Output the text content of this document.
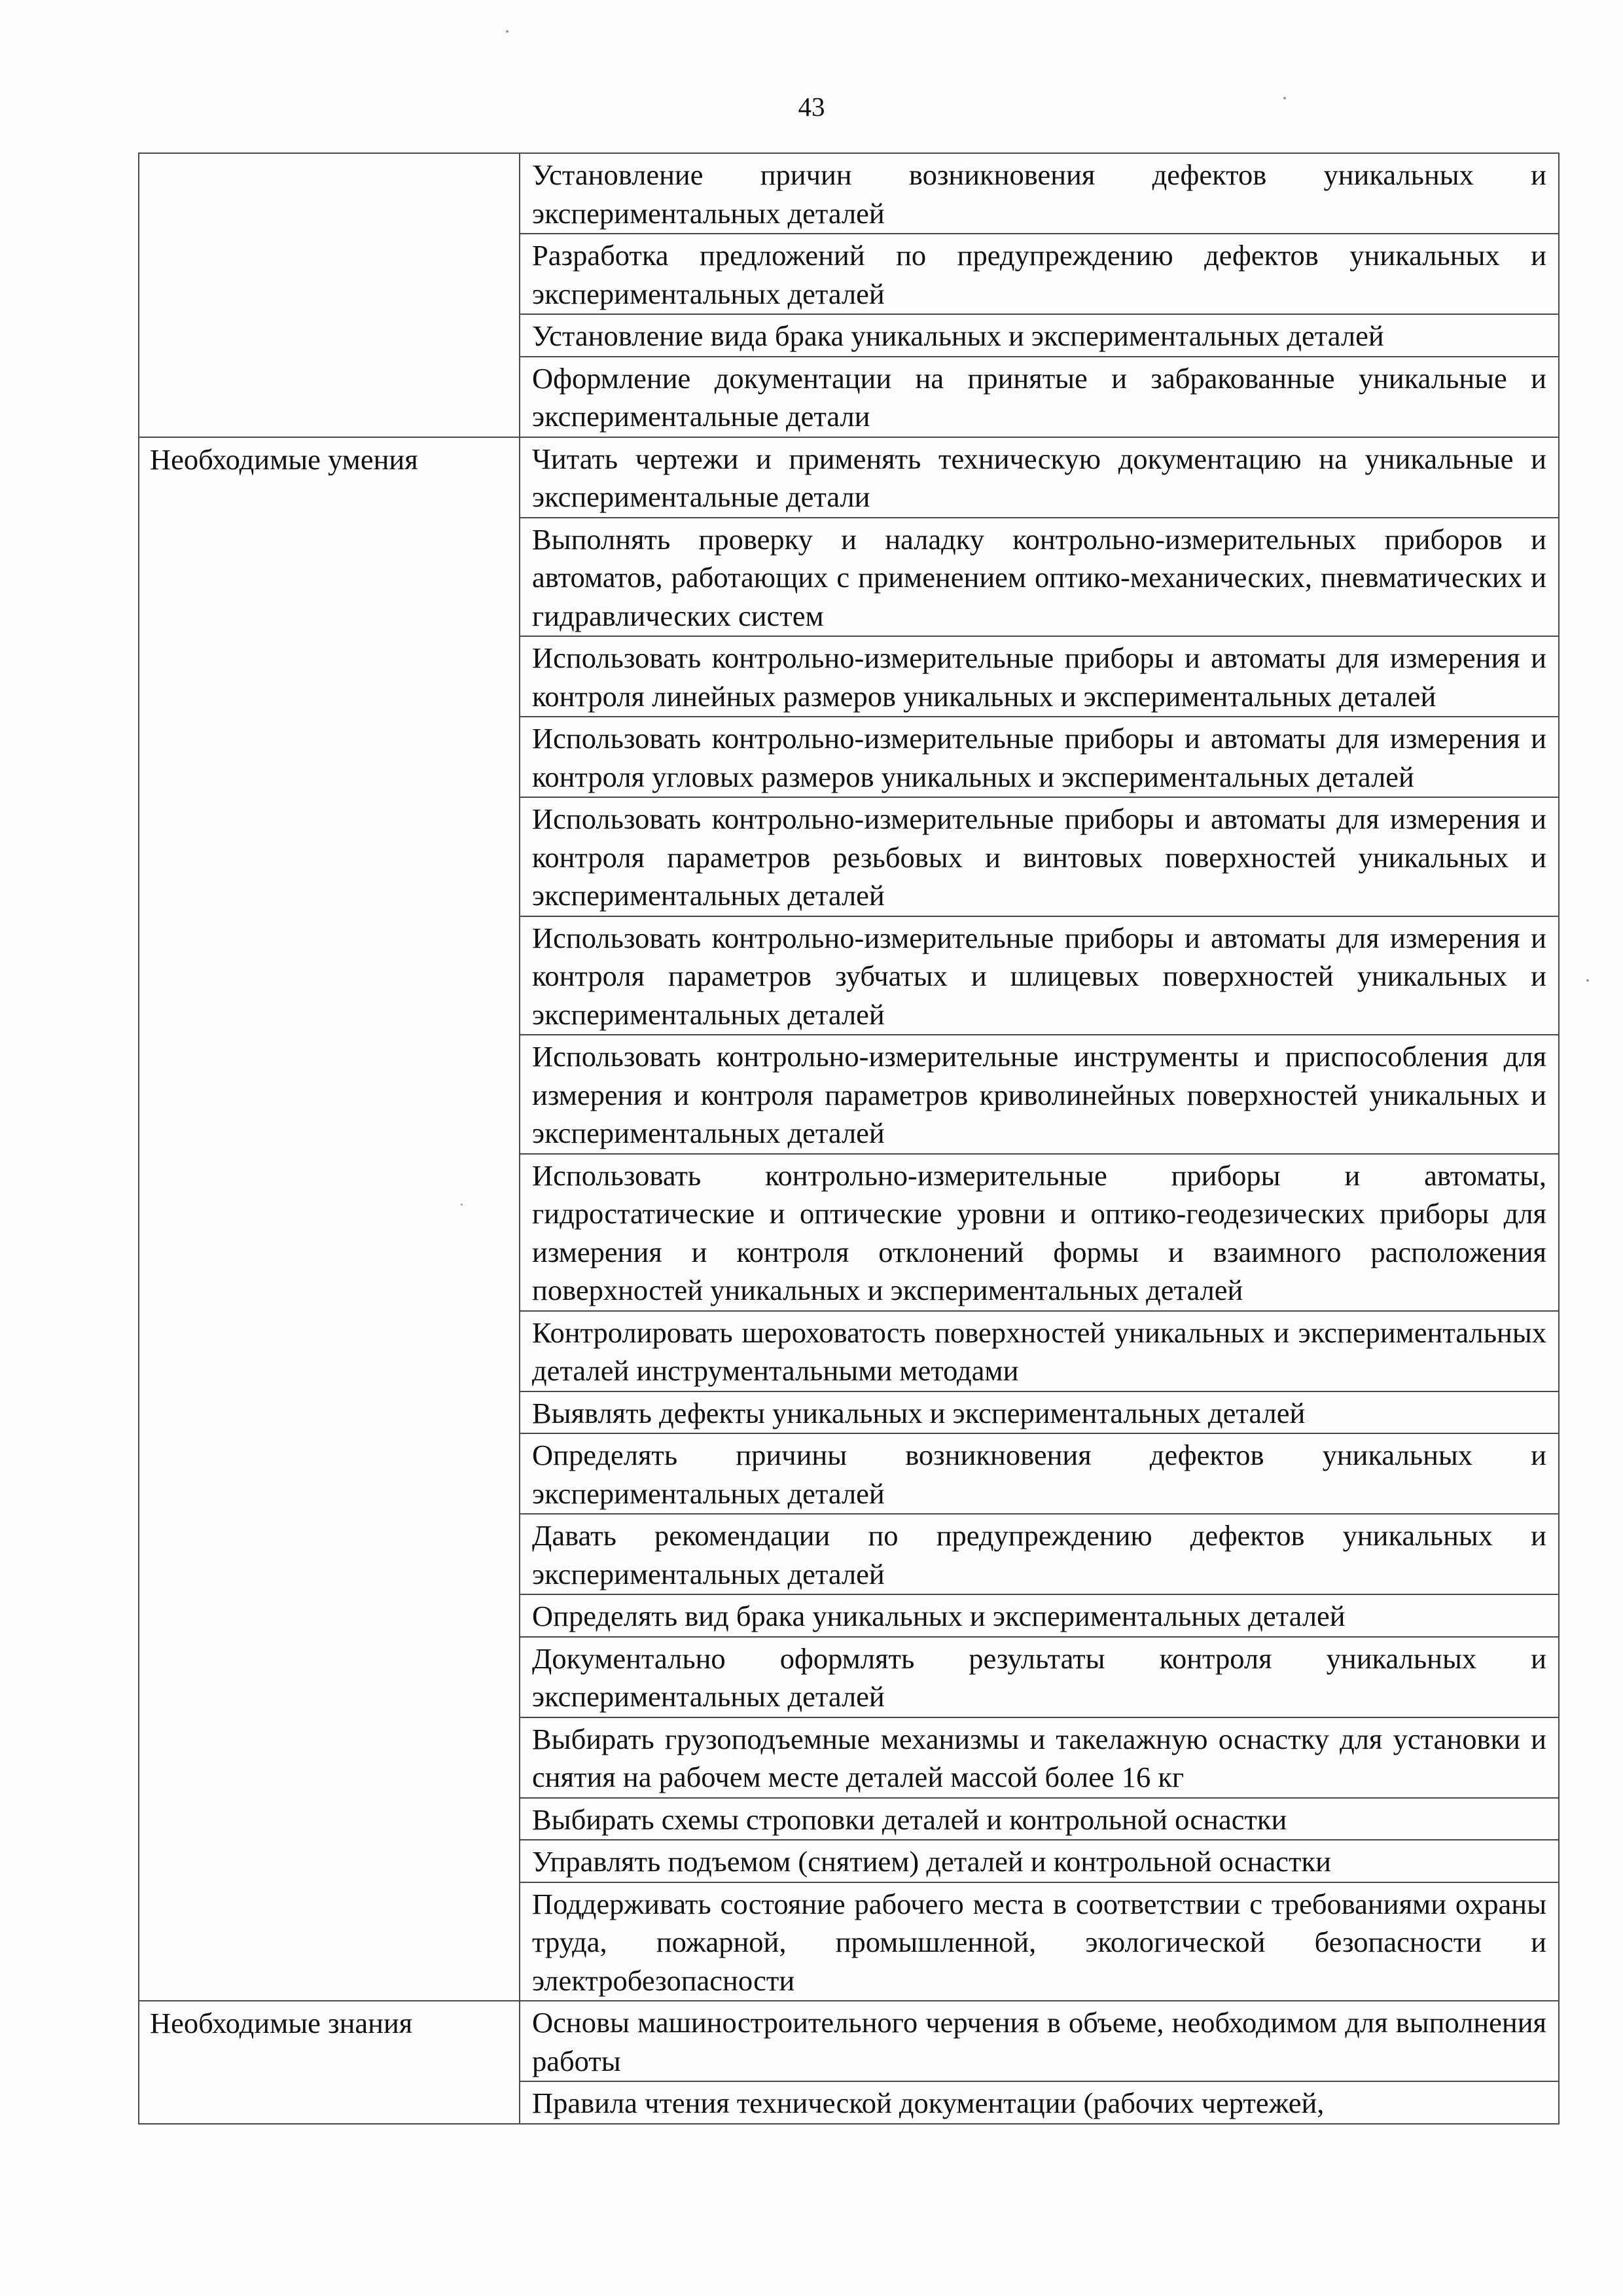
43
	Установление причин возникновения дефектов уникальных и экспериментальных деталей
	Разработка предложений по предупреждению дефектов уникальных и экспериментальных деталей
	Установление вида брака уникальных и экспериментальных деталей
	Оформление документации на принятые и забракованные уникальные и экспериментальные детали
Необходимые умения	Читать чертежи и применять техническую документацию на уникальные и экспериментальные детали
	Выполнять проверку и наладку контрольно-измерительных приборов и автоматов, работающих с применением оптико-механических, пневматических и гидравлических систем
	Использовать контрольно-измерительные приборы и автоматы для измерения и контроля линейных размеров уникальных и экспериментальных деталей
	Использовать контрольно-измерительные приборы и автоматы для измерения и контроля угловых размеров уникальных и экспериментальных деталей
	Использовать контрольно-измерительные приборы и автоматы для измерения и контроля параметров резьбовых и винтовых поверхностей уникальных и экспериментальных деталей
	Использовать контрольно-измерительные приборы и автоматы для измерения и контроля параметров зубчатых и шлицевых поверхностей уникальных и экспериментальных деталей
	Использовать контрольно-измерительные инструменты и приспособления для измерения и контроля параметров криволинейных поверхностей уникальных и экспериментальных деталей
	Использовать контрольно-измерительные приборы и автоматы, гидростатические и оптические уровни и оптико-геодезических приборы для измерения и контроля отклонений формы и взаимного расположения поверхностей уникальных и экспериментальных деталей
	Контролировать шероховатость поверхностей уникальных и экспериментальных деталей инструментальными методами
	Выявлять дефекты уникальных и экспериментальных деталей
	Определять причины возникновения дефектов уникальных и экспериментальных деталей
	Давать рекомендации по предупреждению дефектов уникальных и экспериментальных деталей
	Определять вид брака уникальных и экспериментальных деталей
	Документально оформлять результаты контроля уникальных и экспериментальных деталей
	Выбирать грузоподъемные механизмы и такелажную оснастку для установки и снятия на рабочем месте деталей массой более 16 кг
	Выбирать схемы строповки деталей и контрольной оснастки
	Управлять подъемом (снятием) деталей и контрольной оснастки
	Поддерживать состояние рабочего места в соответствии с требованиями охраны труда, пожарной, промышленной, экологической безопасности и электробезопасности
Необходимые знания	Основы машиностроительного черчения в объеме, необходимом для выполнения работы
	Правила чтения технической документации (рабочих чертежей,
